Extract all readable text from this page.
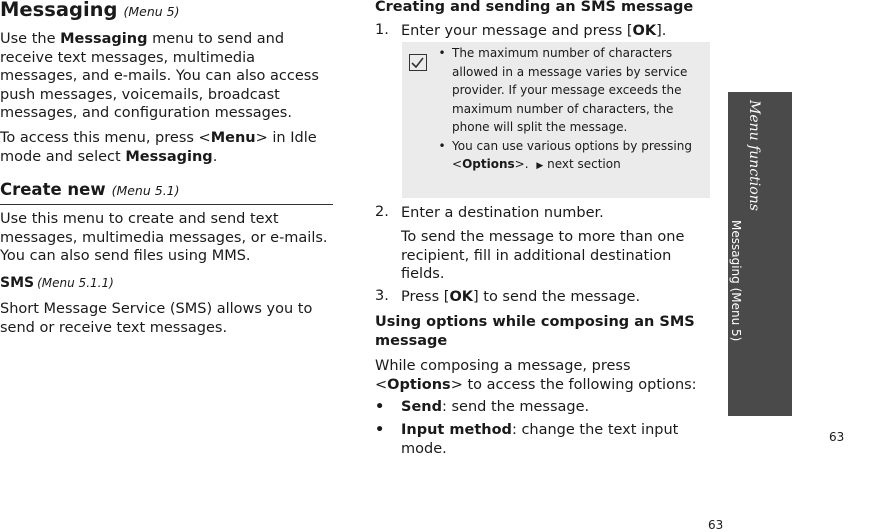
Messaging (Menu 5)
Use the Messaging menu to send and receive text messages, multimedia messages, and e-mails. You can also access push messages, voicemails, broadcast messages, and configuration messages.
To access this menu, press <Menu> in Idle mode and select Messaging.
Create new (Menu 5.1)
Use this menu to create and send text messages, multimedia messages, or e-mails. You can also send files using MMS.
SMS (Menu 5.1.1)
Short Message Service (SMS) allows you to send or receive text messages.
Creating and sending an SMS message
1. Enter your message and press [OK].
• The maximum number of characters allowed in a message varies by service provider. If your message exceeds the maximum number of characters, the phone will split the message.
• You can use various options by pressing <Options>. ▶ next section
2. Enter a destination number.
To send the message to more than one recipient, fill in additional destination fields.
3. Press [OK] to send the message.
Using options while composing an SMS message
While composing a message, press <Options> to access the following options:
•	Send: send the message.
•	Input method: change the text input mode.
Menu functions
Messaging (Menu 5)
63
63
